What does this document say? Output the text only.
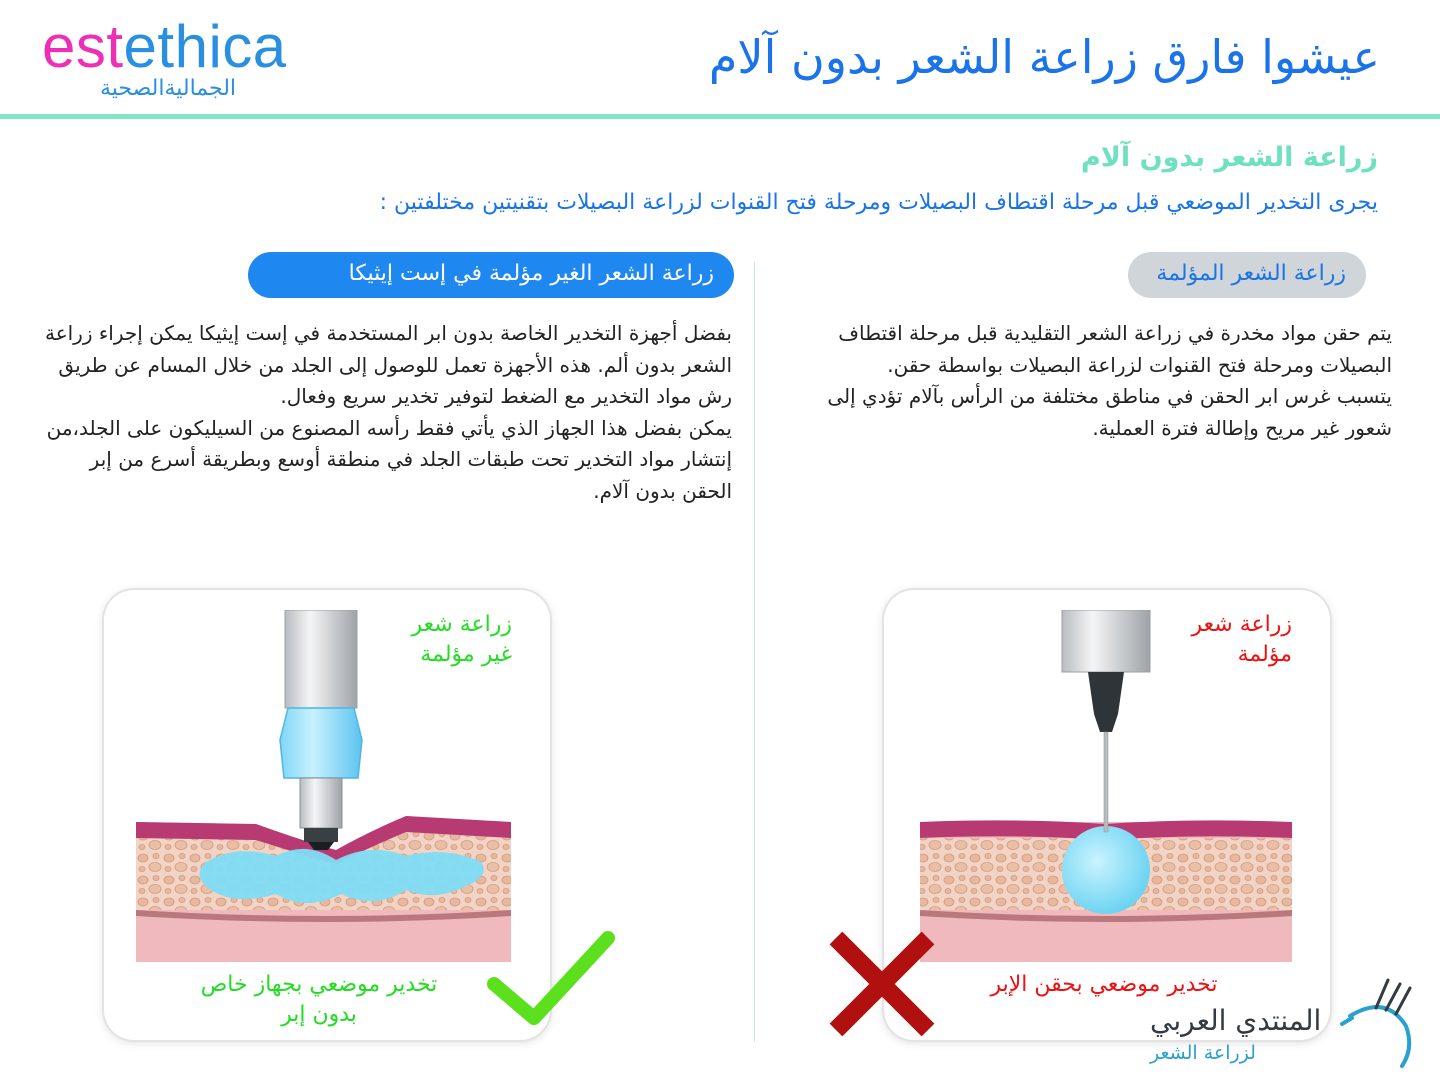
estethica
الجماليةالصحية
عيشوا فارق زراعة الشعر بدون آلام
زراعة الشعر بدون آلام
يجرى التخدير الموضعي قبل مرحلة اقتطاف البصيلات ومرحلة فتح القنوات لزراعة البصيلات بتقنيتين مختلفتين :
زراعة الشعر الغير مؤلمة في إست إيثيكا	زراعة الشعر المؤلمة
بفضل أجهزة التخدير الخاصة بدون ابر المستخدمة في إست إيثيكا يمكن إجراء زراعة الشعر بدون ألم. هذه الأجهزة تعمل للوصول إلى الجلد من خلال المسام عن طريق رش مواد التخدير مع الضغط لتوفير تخدير سريع وفعال.
يمكن بفضل هذا الجهاز الذي يأتي فقط رأسه المصنوع من السيليكون على الجلد،من إنتشار مواد التخدير تحت طبقات الجلد في منطقة أوسع وبطريقة أسرع من إبر الحقن بدون آلام.
يتم حقن مواد مخدرة في زراعة الشعر التقليدية قبل مرحلة اقتطاف البصيلات ومرحلة فتح القنوات لزراعة البصيلات بواسطة حقن.
يتسبب غرس ابر الحقن في مناطق مختلفة من الرأس بآلام تؤدي إلى شعور غير مريح وإطالة فترة العملية.
زراعة شعر
غير مؤلمة
تخدير موضعي بجهاز خاص
بدون إبر
زراعة شعر
مؤلمة
تخدير موضعي بحقن الإبر
المنتدي العربي
لزراعة الشعر
